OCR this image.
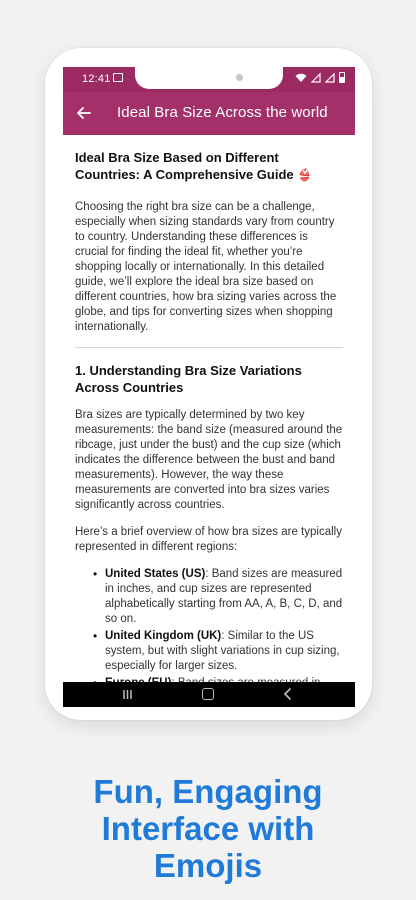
12:41
Ideal Bra Size Across the world
Ideal Bra Size Based on Different Countries: A Comprehensive Guide 👙
Choosing the right bra size can be a challenge, especially when sizing standards vary from country to country. Understanding these differences is crucial for finding the ideal fit, whether you’re shopping locally or internationally. In this detailed guide, we’ll explore the ideal bra size based on different countries, how bra sizing varies across the globe, and tips for converting sizes when shopping internationally.
1. Understanding Bra Size Variations Across Countries
Bra sizes are typically determined by two key measurements: the band size (measured around the ribcage, just under the bust) and the cup size (which indicates the difference between the bust and band measurements). However, the way these measurements are converted into bra sizes varies significantly across countries.
Here’s a brief overview of how bra sizes are typically represented in different regions:
• United States (US): Band sizes are measured in inches, and cup sizes are represented alphabetically starting from AA, A, B, C, D, and so on.
• United Kingdom (UK): Similar to the US system, but with slight variations in cup sizing, especially for larger sizes.
•
Fun, Engaging
Interface with
Emojis
